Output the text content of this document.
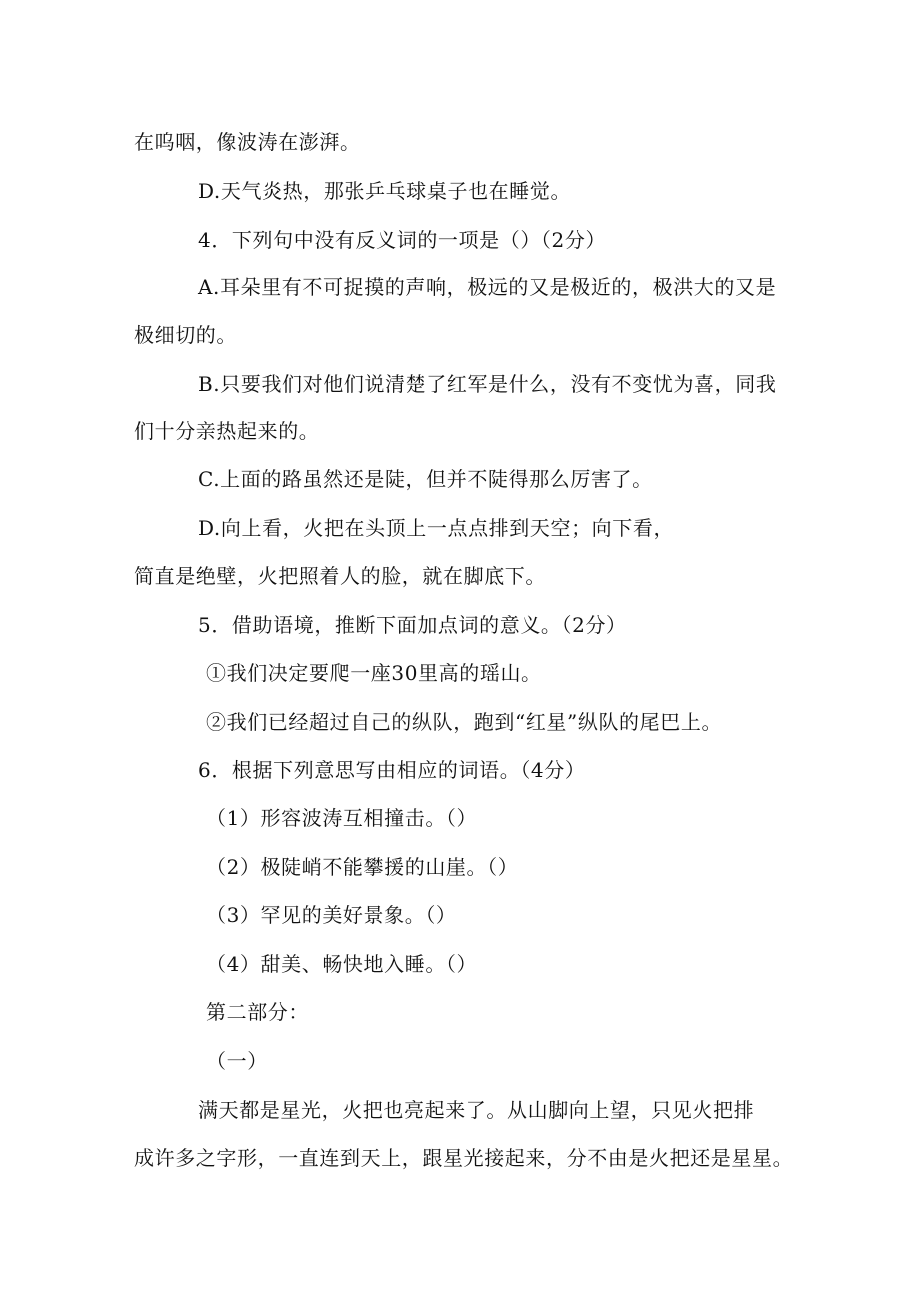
在呜咽，像波涛在澎湃。
D.天气炎热，那张乒乓球桌子也在睡觉。
4．下列句中没有反义词的一项是（）（2分）
A.耳朵里有不可捉摸的声响，极远的又是极近的，极洪大的又是
极细切的。
B.只要我们对他们说清楚了红军是什么，没有不变忧为喜，同我
们十分亲热起来的。
C.上面的路虽然还是陡，但并不陡得那么厉害了。
D.向上看，火把在头顶上一点点排到天空；向下看，
简直是绝壁，火把照着人的脸，就在脚底下。
5．借助语境，推断下面加点词的意义。（2分）
①我们决定要爬一座30里高的瑶山。
②我们已经超过自己的纵队，跑到“红星”纵队的尾巴上。
6．根据下列意思写由相应的词语。（4分）
（1）形容波涛互相撞击。（）
（2）极陡峭不能攀援的山崖。（）
（3）罕见的美好景象。（）
（4）甜美、畅快地入睡。（）
第二部分：
（一）
满天都是星光，火把也亮起来了。从山脚向上望，只见火把排
成许多之字形，一直连到天上，跟星光接起来，分不由是火把还是星星。
